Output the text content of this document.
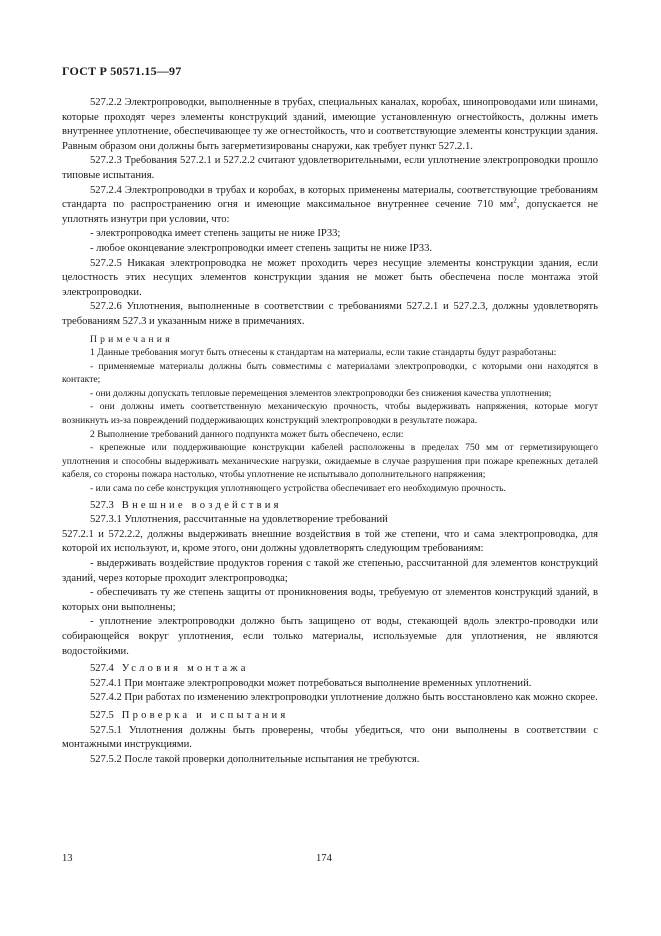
ГОСТ Р 50571.15—97

527.2.2 Электропроводки, выполненные в трубах, специальных каналах, коробах, шинопроводами или шинами, которые проходят через элементы конструкций зданий, имеющие установленную огнестойкость, должны иметь внутреннее уплотнение, обеспечивающее ту же огнестойкость, что и соответствующие элементы конструкции здания. Равным образом они должны быть загерметизированы снаружи, как требует пункт 527.2.1.

527.2.3 Требования 527.2.1 и 527.2.2 считают удовлетворительными, если уплотнение электропроводки прошло типовые испытания.

527.2.4 Электропроводки в трубах и коробах, в которых применены материалы, соответствующие требованиям стандарта по распространению огня и имеющие максимальное внутреннее сечение 710 $мм^2$, допускается не уплотнять изнутри при условии, что:

- электропроводка имеет степень защиты не ниже IP33;

- любое оконцевание электропроводки имеет степень защиты не ниже IP33.

527.2.5 Никакая электропроводка не может проходить через несущие элементы конструкции здания, если целостность этих несущих элементов конструкции здания не может быть обеспечена после монтажа этой электропроводки.

527.2.6 Уплотнения, выполненные в соответствии с требованиями 527.2.1 и 527.2.3, должны удовлетворять требованиям 527.3 и указанным ниже в примечаниях.

Примечания

1 Данные требования могут быть отнесены к стандартам на материалы, если такие стандарты будут разработаны:

- применяемые материалы должны быть совместимы с материалами электропроводки, с которыми они находятся в контакте;

- они должны допускать тепловые перемещения элементов электропроводки без снижения качества уплотнения;

- они должны иметь соответственную механическую прочность, чтобы выдерживать напряжения, которые могут возникнуть из-за повреждений поддерживающих конструкций электропроводки в результате пожара.

2 Выполнение требований данного подпункта может быть обеспечено, если:

- крепежные или поддерживающие конструкции кабелей расположены в пределах 750 мм от герметизирующего уплотнения и способны выдерживать механические нагрузки, ожидаемые в случае разрушения при пожаре крепежных деталей кабеля, со стороны пожара настолько, чтобы уплотнение не испытывало дополнительного напряжения;

- или сама по себе конструкция уплотняющего устройства обеспечивает его необходимую прочность.

527.3 Внешние воздействия

527.3.1 Уплотнения, рассчитанные на удовлетворение требований

527.2.1 и 572.2.2, должны выдерживать внешние воздействия в той же степени, что и сама электропроводка, для которой их используют, и, кроме этого, они должны удовлетворять следующим требованиям:

- выдерживать воздействие продуктов горения с такой же степенью, рассчитанной для элементов конструкций зданий, через которые проходит электропроводка;

- обеспечивать ту же степень защиты от проникновения воды, требуемую от элементов конструкций зданий, в которых они выполнены;

- уплотнение электропроводки должно быть защищено от воды, стекающей вдоль электро-проводки или собирающейся вокруг уплотнения, если только материалы, используемые для уплотнения, не являются водостойкими.

527.4 Условия монтажа

527.4.1 При монтаже электропроводки может потребоваться выполнение временных уплотнений.

527.4.2 При работах по изменению электропроводки уплотнение должно быть восстановлено как можно скорее.

527.5 Проверка и испытания

527.5.1 Уплотнения должны быть проверены, чтобы убедиться, что они выполнены в соответствии с монтажными инструкциями.

527.5.2 После такой проверки дополнительные испытания не требуются.

13	174
